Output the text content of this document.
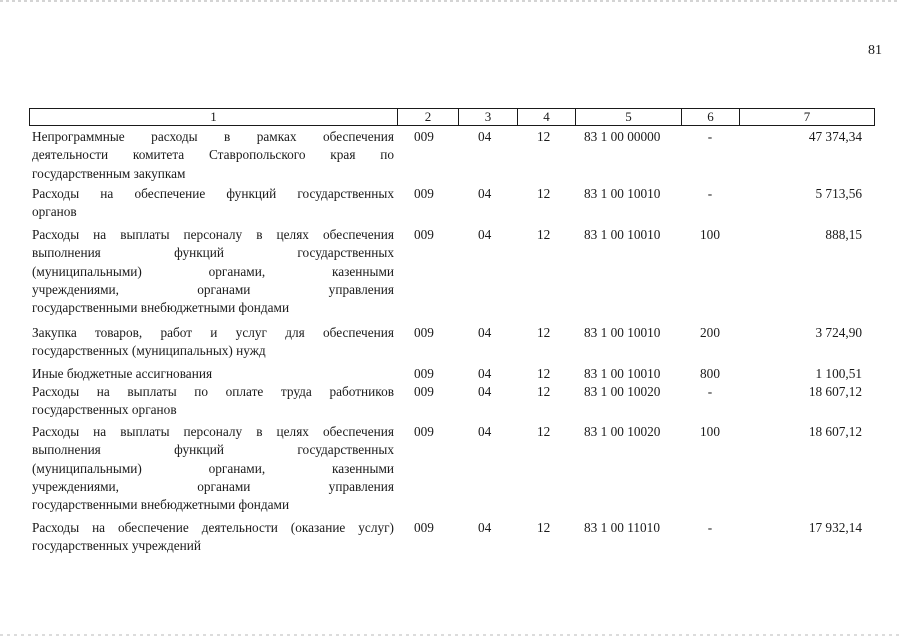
81
1	2	3	4	5	6	7
Непрограммные расходы в рамках обеспечения
деятельности комитета Ставропольского края по
государственным закупкам
009	04	12	83 1 00 00000	-	47 374,34
Расходы на обеспечение функций государственных
органов
009	04	12	83 1 00 10010	-	5 713,56
Расходы на выплаты персоналу в целях обеспечения
выполнения функций государственных
(муниципальными) органами, казенными
учреждениями, органами управления
государственными внебюджетными фондами
009	04	12	83 1 00 10010	100	888,15
Закупка товаров, работ и услуг для обеспечения
государственных (муниципальных) нужд
009	04	12	83 1 00 10010	200	3 724,90
Иные бюджетные ассигнования	009	04	12	83 1 00 10010	800	1 100,51
Расходы на выплаты по оплате труда работников
государственных органов
009	04	12	83 1 00 10020	-	18 607,12
Расходы на выплаты персоналу в целях обеспечения
выполнения функций государственных
(муниципальными) органами, казенными
учреждениями, органами управления
государственными внебюджетными фондами
009	04	12	83 1 00 10020	100	18 607,12
Расходы на обеспечение деятельности (оказание услуг)
государственных учреждений
009	04	12	83 1 00 11010	-	17 932,14
